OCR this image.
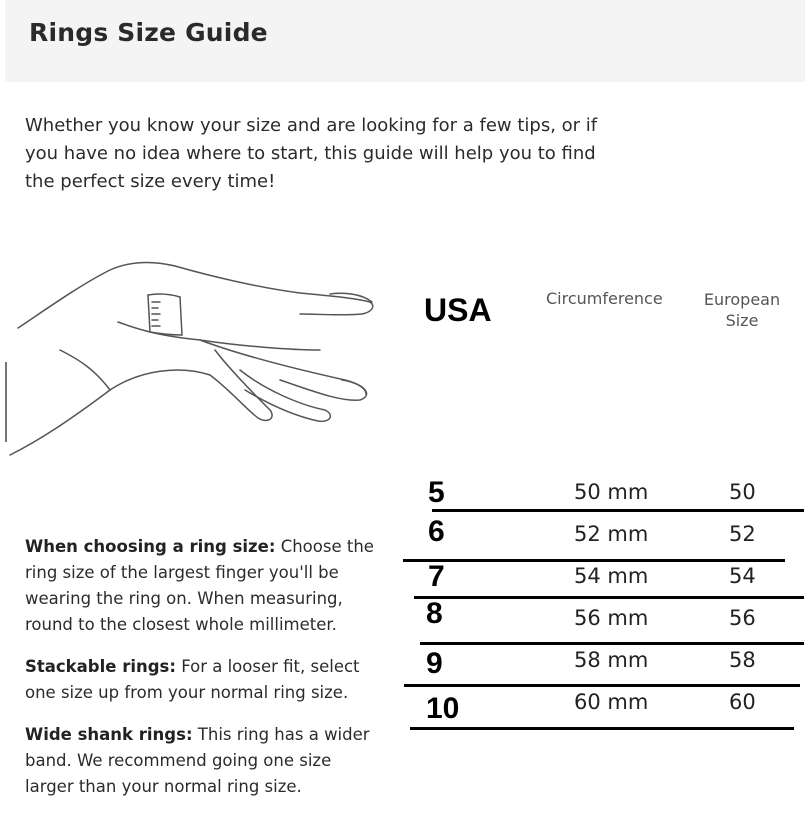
Rings Size Guide
Whether you know your size and are looking for a few tips, or if
you have no idea where to start, this guide will help you to find
the perfect size every time!
USA	Circumference	European
Size
5	50 mm	50
6	52 mm	52
7	54 mm	54
8	56 mm	56
9	58 mm	58
10	60 mm	60
When choosing a ring size: Choose the
ring size of the largest finger you'll be
wearing the ring on. When measuring,
round to the closest whole millimeter.
Stackable rings: For a looser fit, select
one size up from your normal ring size.
Wide shank rings: This ring has a wider
band. We recommend going one size
larger than your normal ring size.
